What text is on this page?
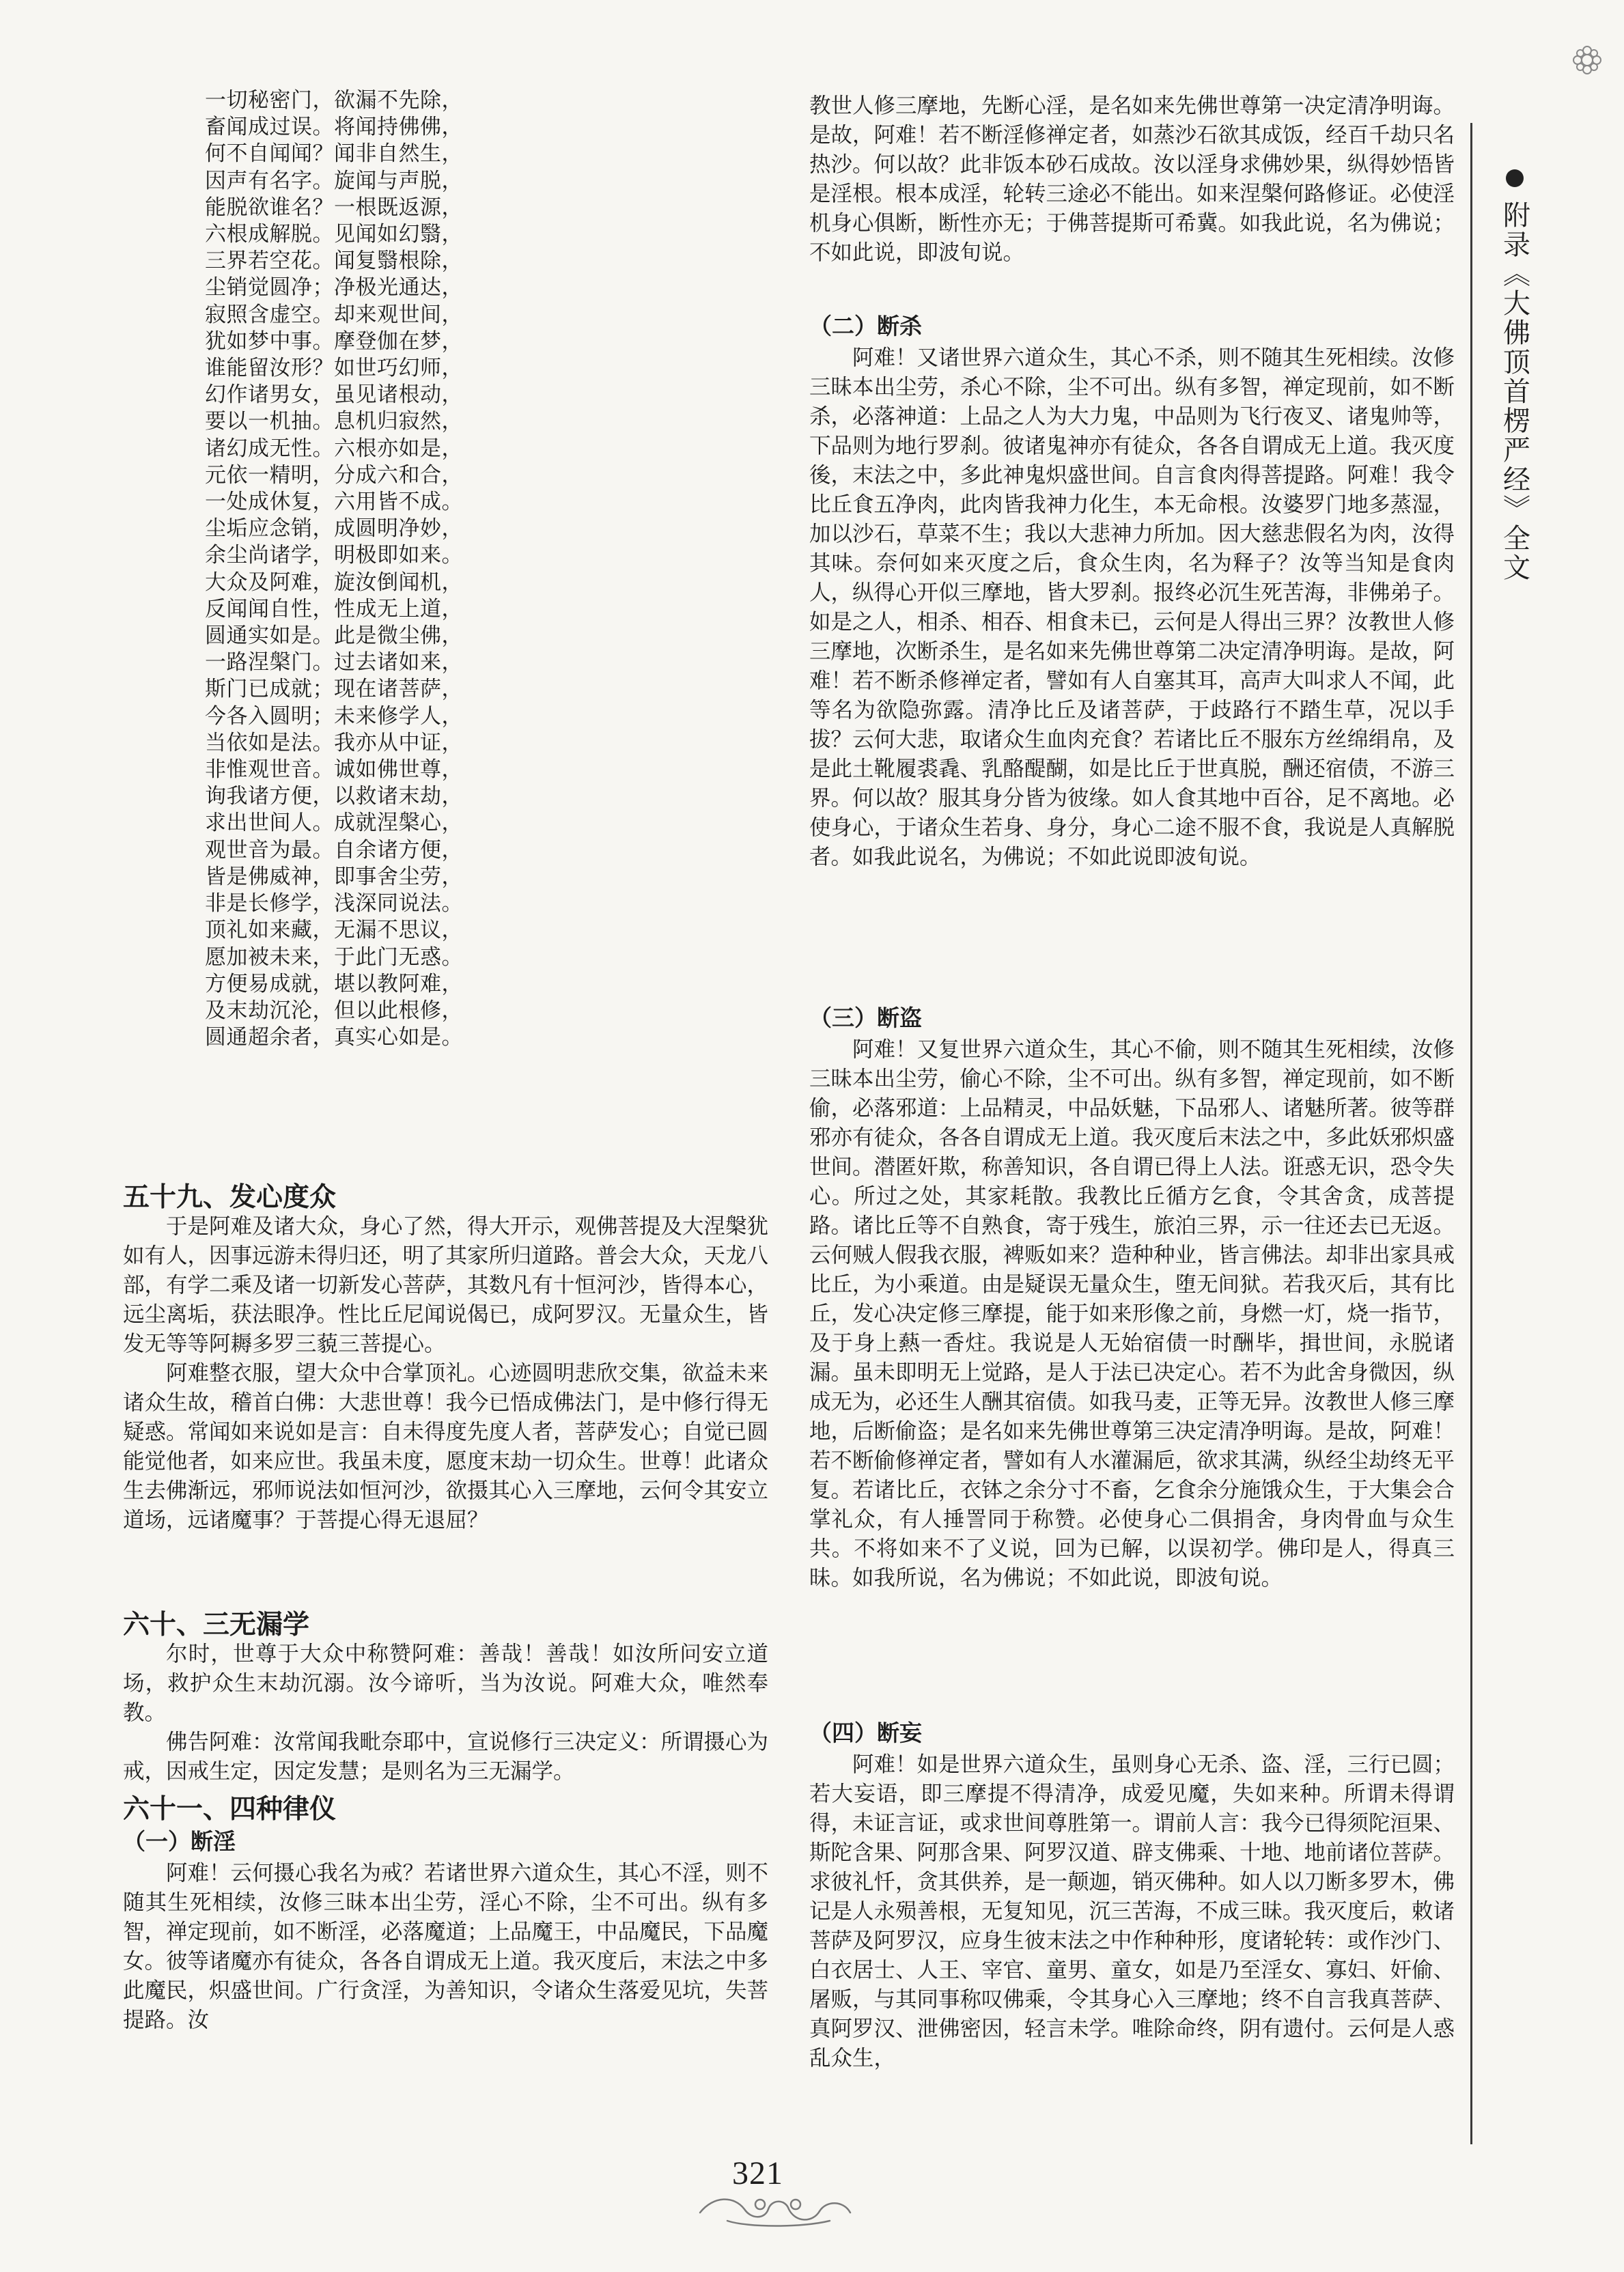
一切秘密门，欲漏不先除，
畜闻成过误。将闻持佛佛，
何不自闻闻？闻非自然生，
因声有名字。旋闻与声脱，
能脱欲谁名？一根既返源，
六根成解脱。见闻如幻翳，
三界若空花。闻复翳根除，
尘销觉圆净；净极光通达，
寂照含虚空。却来观世间，
犹如梦中事。摩登伽在梦，
谁能留汝形？如世巧幻师，
幻作诸男女，虽见诸根动，
要以一机抽。息机归寂然，
诸幻成无性。六根亦如是，
元依一精明，分成六和合，
一处成休复，六用皆不成。
尘垢应念销，成圆明净妙，
余尘尚诸学，明极即如来。
大众及阿难，旋汝倒闻机，
反闻闻自性，性成无上道，
圆通实如是。此是微尘佛，
一路涅槃门。过去诸如来，
斯门已成就；现在诸菩萨，
今各入圆明；未来修学人，
当依如是法。我亦从中证，
非惟观世音。诚如佛世尊，
询我诸方便，以救诸末劫，
求出世间人。成就涅槃心，
观世音为最。自余诸方便，
皆是佛威神，即事舍尘劳，
非是长修学，浅深同说法。
顶礼如来藏，无漏不思议，
愿加被未来，于此门无惑。
方便易成就，堪以教阿难，
及末劫沉沦，但以此根修，
圆通超余者，真实心如是。
五十九、发心度众

于是阿难及诸大众，身心了然，得大开示，观佛菩提及大涅槃犹如有人，因事远游未得归还，明了其家所归道路。普会大众，天龙八部，有学二乘及诸一切新发心菩萨，其数凡有十恒河沙，皆得本心，远尘离垢，获法眼净。性比丘尼闻说偈已，成阿罗汉。无量众生，皆发无等等阿耨多罗三藐三菩提心。

阿难整衣服，望大众中合掌顶礼。心迹圆明悲欣交集，欲益未来诸众生故，稽首白佛：大悲世尊！我今已悟成佛法门，是中修行得无疑惑。常闻如来说如是言：自未得度先度人者，菩萨发心；自觉已圆能觉他者，如来应世。我虽未度，愿度末劫一切众生。世尊！此诸众生去佛渐远，邪师说法如恒河沙，欲摄其心入三摩地，云何令其安立道场，远诸魔事？于菩提心得无退屈？

六十、三无漏学

尔时，世尊于大众中称赞阿难：善哉！善哉！如汝所问安立道场，救护众生末劫沉溺。汝今谛听，当为汝说。阿难大众，唯然奉教。

佛告阿难：汝常闻我毗奈耶中，宣说修行三决定义：所谓摄心为戒，因戒生定，因定发慧；是则名为三无漏学。

六十一、四种律仪
（一）断淫

阿难！云何摄心我名为戒？若诸世界六道众生，其心不淫，则不随其生死相续，汝修三昧本出尘劳，淫心不除，尘不可出。纵有多智，禅定现前，如不断淫，必落魔道；上品魔王，中品魔民，下品魔女。彼等诸魔亦有徒众，各各自谓成无上道。我灭度后，末法之中多此魔民，炽盛世间。广行贪淫，为善知识，令诸众生落爱见坑，失菩提路。汝

教世人修三摩地，先断心淫，是名如来先佛世尊第一决定清净明诲。是故，阿难！若不断淫修禅定者，如蒸沙石欲其成饭，经百千劫只名热沙。何以故？此非饭本砂石成故。汝以淫身求佛妙果，纵得妙悟皆是淫根。根本成淫，轮转三途必不能出。如来涅槃何路修证。必使淫机身心俱断，断性亦无；于佛菩提斯可希冀。如我此说，名为佛说；不如此说，即波旬说。

（二）断杀

阿难！又诸世界六道众生，其心不杀，则不随其生死相续。汝修三昧本出尘劳，杀心不除，尘不可出。纵有多智，禅定现前，如不断杀，必落神道：上品之人为大力鬼，中品则为飞行夜叉、诸鬼帅等，下品则为地行罗刹。彼诸鬼神亦有徒众，各各自谓成无上道。我灭度後，末法之中，多此神鬼炽盛世间。自言食肉得菩提路。阿难！我令比丘食五净肉，此肉皆我神力化生，本无命根。汝婆罗门地多蒸湿，加以沙石，草菜不生；我以大悲神力所加。因大慈悲假名为肉，汝得其味。奈何如来灭度之后，食众生肉，名为释子？汝等当知是食肉人，纵得心开似三摩地，皆大罗刹。报终必沉生死苦海，非佛弟子。如是之人，相杀、相吞、相食未已，云何是人得出三界？汝教世人修三摩地，次断杀生，是名如来先佛世尊第二决定清净明诲。是故，阿难！若不断杀修禅定者，譬如有人自塞其耳，高声大叫求人不闻，此等名为欲隐弥露。清净比丘及诸菩萨，于歧路行不踏生草，况以手拔？云何大悲，取诸众生血肉充食？若诸比丘不服东方丝绵绢帛，及是此土靴履裘毳、乳酪醍醐，如是比丘于世真脱，酬还宿债，不游三界。何以故？服其身分皆为彼缘。如人食其地中百谷，足不离地。必使身心，于诸众生若身、身分，身心二途不服不食，我说是人真解脱者。如我此说名，为佛说；不如此说即波旬说。

（三）断盗

阿难！又复世界六道众生，其心不偷，则不随其生死相续，汝修三昧本出尘劳，偷心不除，尘不可出。纵有多智，禅定现前，如不断偷，必落邪道：上品精灵，中品妖魅，下品邪人、诸魅所著。彼等群邪亦有徒众，各各自谓成无上道。我灭度后末法之中，多此妖邪炽盛世间。潜匿奸欺，称善知识，各自谓已得上人法。诳惑无识，恐令失心。所过之处，其家耗散。我教比丘循方乞食，令其舍贪，成菩提路。诸比丘等不自熟食，寄于残生，旅泊三界，示一往还去已无返。云何贼人假我衣服，裨贩如来？造种种业，皆言佛法。却非出家具戒比丘，为小乘道。由是疑误无量众生，堕无间狱。若我灭后，其有比丘，发心决定修三摩提，能于如来形像之前，身燃一灯，烧一指节，及于身上爇一香炷。我说是人无始宿债一时酬毕，揖世间，永脱诸漏。虽未即明无上觉路，是人于法已决定心。若不为此舍身微因，纵成无为，必还生人酬其宿债。如我马麦，正等无异。汝教世人修三摩地，后断偷盗；是名如来先佛世尊第三决定清净明诲。是故，阿难！若不断偷修禅定者，譬如有人水灌漏巵，欲求其满，纵经尘劫终无平复。若诸比丘，衣钵之余分寸不畜，乞食余分施饿众生，于大集会合掌礼众，有人捶詈同于称赞。必使身心二俱捐舍，身肉骨血与众生共。不将如来不了义说，回为已解，以误初学。佛印是人，得真三昧。如我所说，名为佛说；不如此说，即波旬说。

（四）断妄

阿难！如是世界六道众生，虽则身心无杀、盗、淫，三行已圆；若大妄语，即三摩提不得清净，成爱见魔，失如来种。所谓未得谓得，未证言证，或求世间尊胜第一。谓前人言：我今已得须陀洹果、斯陀含果、阿那含果、阿罗汉道、辟支佛乘、十地、地前诸位菩萨。求彼礼忏，贪其供养，是一颠迦，销灭佛种。如人以刀断多罗木，佛记是人永殒善根，无复知见，沉三苦海，不成三昧。我灭度后，敕诸菩萨及阿罗汉，应身生彼末法之中作种种形，度诸轮转：或作沙门、白衣居士、人王、宰官、童男、童女，如是乃至淫女、寡妇、奸偷、屠贩，与其同事称叹佛乘，令其身心入三摩地；终不自言我真菩萨、真阿罗汉、泄佛密因，轻言未学。唯除命终，阴有遗付。云何是人惑乱众生，

附录《大佛顶首楞严经》全文
321
